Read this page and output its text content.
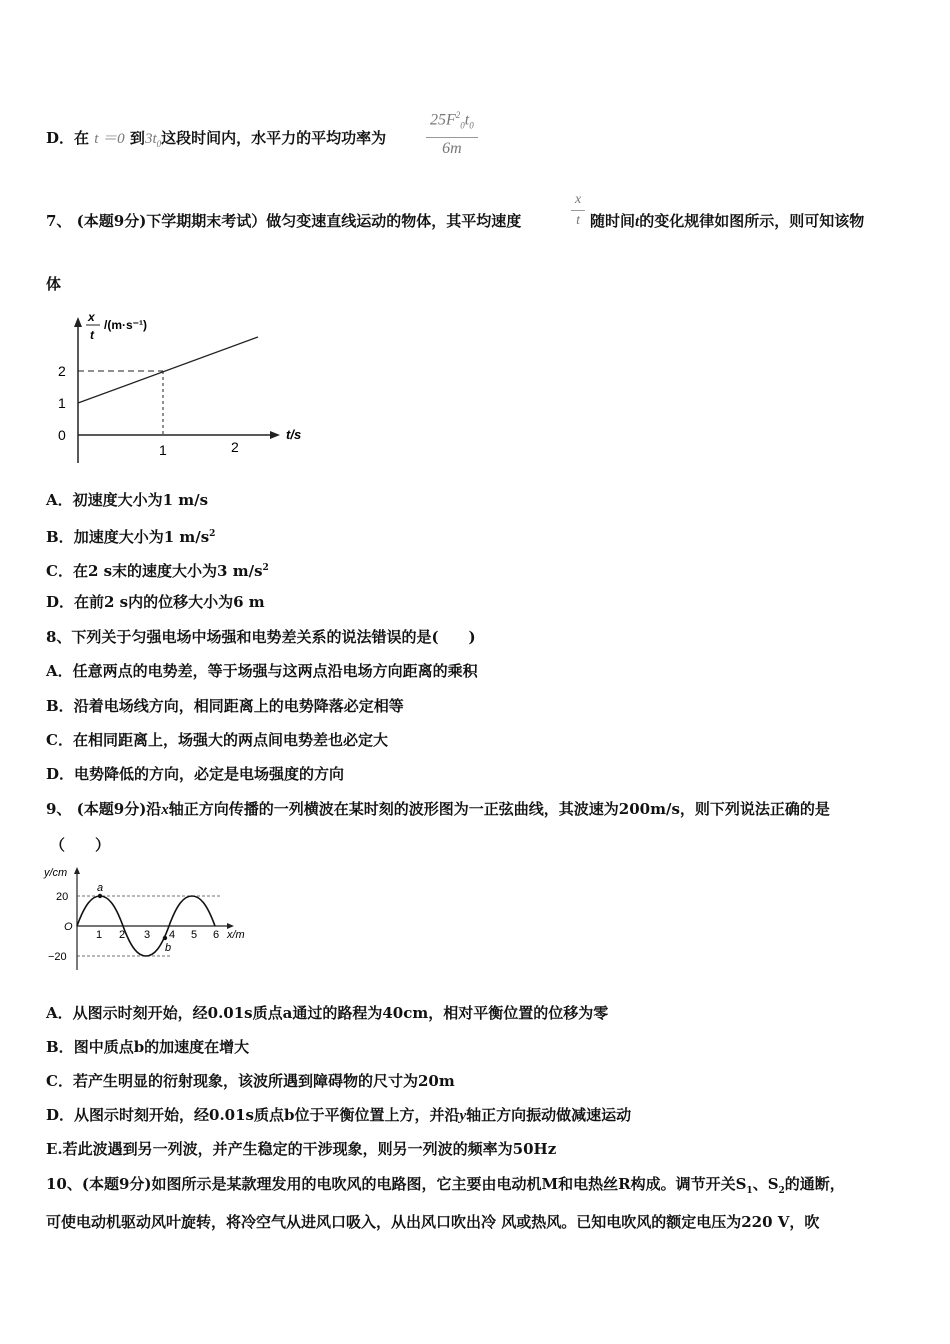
D．在 t ＝0 到$3t_0$这段时间内，水平力的平均功率为 $\frac{25F^2_0t_0}{6m}$
7、 (本题9分)下学期期末考试）做匀变速直线运动的物体，其平均速度	$\frac{x}{t}$ 随时间t的变化规律如图所示，则可知该物
体
x
t
/(m·s⁻¹)
2
1
0
1	2
t/s
A．初速度大小为1 m/s
B．加速度大小为1 $m/s^2$
C．在2 s末的速度大小为3 $m/s^2$
D．在前2 s内的位移大小为6 m
8、下列关于匀强电场中场强和电势差关系的说法错误的是(　　)
A．任意两点的电势差，等于场强与这两点沿电场方向距离的乘积
B．沿着电场线方向，相同距离上的电势降落必定相等
C．在相同距离上，场强大的两点间电势差也必定大
D．电势降低的方向，必定是电场强度的方向
9、 (本题9分)沿x轴正方向传播的一列横波在某时刻的波形图为一正弦曲线，其波速为200m/s，则下列说法正确的是
（　　）
y/cm
20
−20
O
1 2 3 4 5 6 x/m
a
b
A．从图示时刻开始，经0.01s质点a通过的路程为40cm，相对平衡位置的位移为零
B．图中质点b的加速度在增大
C．若产生明显的衍射现象，该波所遇到障碍物的尺寸为20m
D．从图示时刻开始，经0.01s质点b位于平衡位置上方，并沿y轴正方向振动做减速运动
E.若此波遇到另一列波，并产生稳定的干涉现象，则另一列波的频率为50Hz
10、(本题9分)如图所示是某款理发用的电吹风的电路图，它主要由电动机M和电热丝R构成。调节开关$S_1$、$S_2$的通断，
可使电动机驱动风叶旋转，将冷空气从进风口吸入，从出风口吹出冷 风或热风。已知电吹风的额定电压为220 V，吹
